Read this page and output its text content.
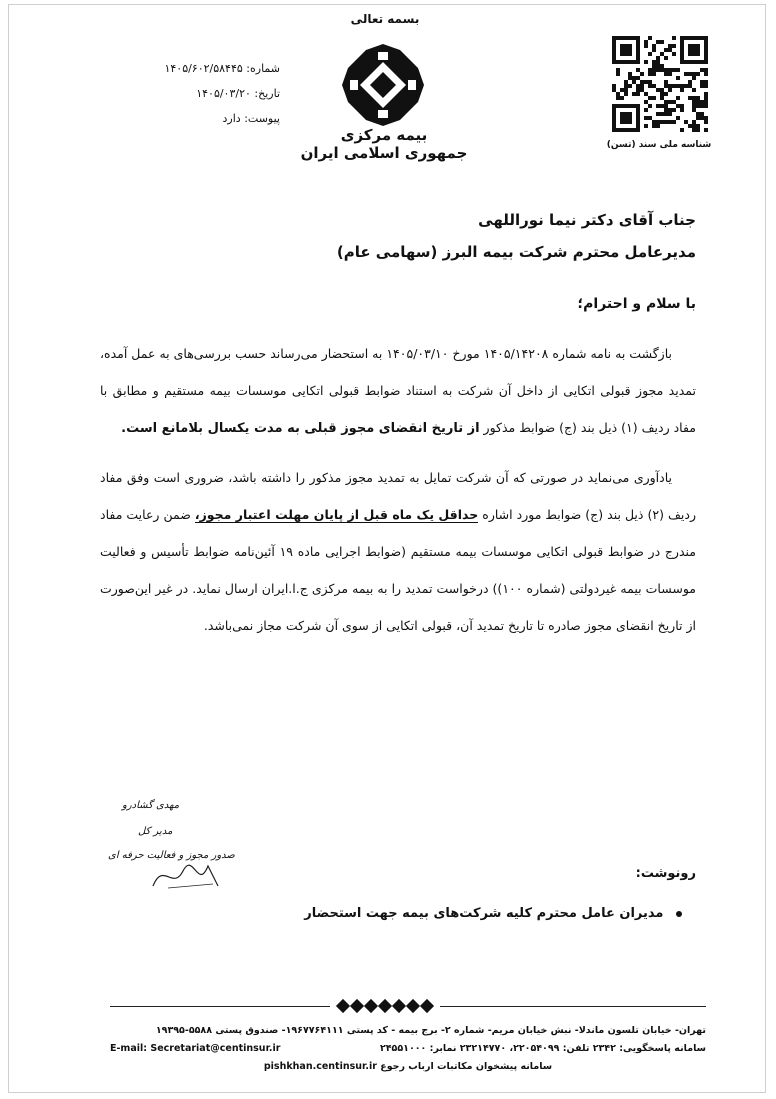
بسمه تعالی
شناسه ملی سند (تسن)
بیمه مرکزی
جمهوری اسلامی ایران
شماره: ۱۴۰۵/۶۰۲/۵۸۴۴۵
تاریخ: ۱۴۰۵/۰۳/۲۰
پیوست: دارد
جناب آقای دکتر نیما نوراللهی
مدیرعامل محترم شرکت بیمه البرز (سهامی عام)
با سلام و احترام؛

بازگشت به نامه شماره ۱۴۰۵/۱۴۲۰۸ مورخ ۱۴۰۵/۰۳/۱۰ به استحضار می‌رساند حسب بررسی‌های به عمل آمده، تمدید مجوز قبولی اتکایی از داخل آن شرکت به استناد ضوابط قبولی اتکایی موسسات بیمه مستقیم و مطابق با مفاد ردیف (۱) ذیل بند (ج) ضوابط مذکور از تاریخ انقضای مجوز قبلی به مدت یکسال بلامانع است.

یادآوری می‌نماید در صورتی که آن شرکت تمایل به تمدید مجوز مذکور را داشته باشد، ضروری است وفق مفاد ردیف (۲) ذیل بند (ج) ضوابط مورد اشاره حداقل یک ماه قبل از پایان مهلت اعتبار مجوز، ضمن رعایت مفاد مندرج در ضوابط قبولی اتکایی موسسات بیمه مستقیم (ضوابط اجرایی ماده ۱۹ آئین‌نامه ضوابط تأسیس و فعالیت موسسات بیمه غیردولتی (شماره ۱۰۰)) درخواست تمدید را به بیمه مرکزی ج.ا.ایران ارسال نماید. در غیر این‌صورت از تاریخ انقضای مجوز صادره تا تاریخ تمدید آن، قبولی اتکایی از سوی آن شرکت مجاز نمی‌باشد.

مهدی گشادرو
مدیر کل
صدور مجوز و فعالیت حرفه ای
رونوشت:
مدیران عامل محترم کلیه شرکت‌های بیمه جهت استحضار
تهران- خیابان تلسون ماندلا- نبش خیابان مریم- شماره ۲- برج بیمه - کد پستی ۱۹۶۷۷۶۴۱۱۱- صندوق پستی ۵۵۸۸-۱۹۳۹۵
سامانه پاسخگویی: ۲۳۴۲ تلفن: ۲۲۰۵۴۰۹۹، ۲۳۲۱۴۷۷۰ نمابر: ۲۴۵۵۱۰۰۰
E-mail: Secretariat@centinsur.ir
سامانه پیشخوان مکاتبات ارباب رجوع pishkhan.centinsur.ir
